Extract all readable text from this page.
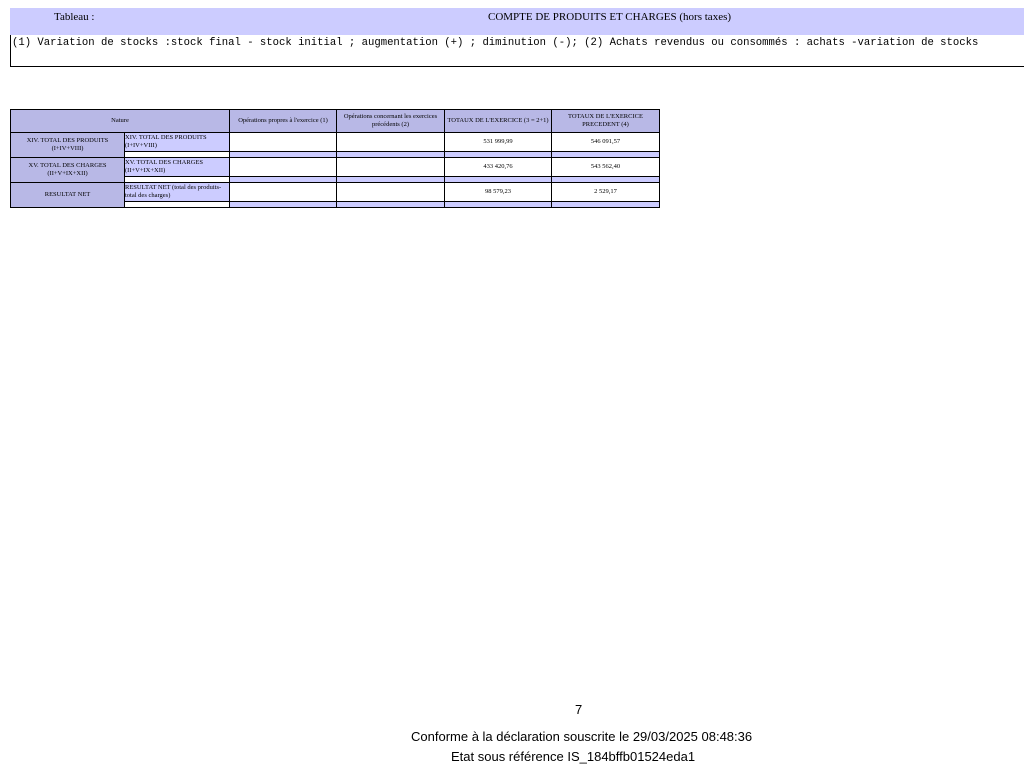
Tableau :	COMPTE DE PRODUITS ET CHARGES (hors taxes)
(1) Variation de stocks :stock final - stock initial ; augmentation (+) ; diminution (-); (2) Achats revendus ou consommés : achats -variation de stocks
Nature		Opérations propres à l'exercice (1)	Opérations concernant les exercices précédents (2)	TOTAUX DE L'EXERCICE (3 = 2+1)	TOTAUX DE L'EXERCICE PRECEDENT (4)
XIV. TOTAL DES PRODUITS (I+IV+VIII)	XIV. TOTAL DES PRODUITS (I+IV+VIII)			531 999,99	546 091,57

XV. TOTAL DES CHARGES (II+V+IX+XII)	XV. TOTAL DES CHARGES (II+V+IX+XII)			433 420,76	543 562,40

RESULTAT NET	RESULTAT NET (total des produits-total des charges)			98 579,23	2 529,17

7
Conforme à la déclaration souscrite le 29/03/2025 08:48:36
Etat sous référence IS_184bffb01524eda1
